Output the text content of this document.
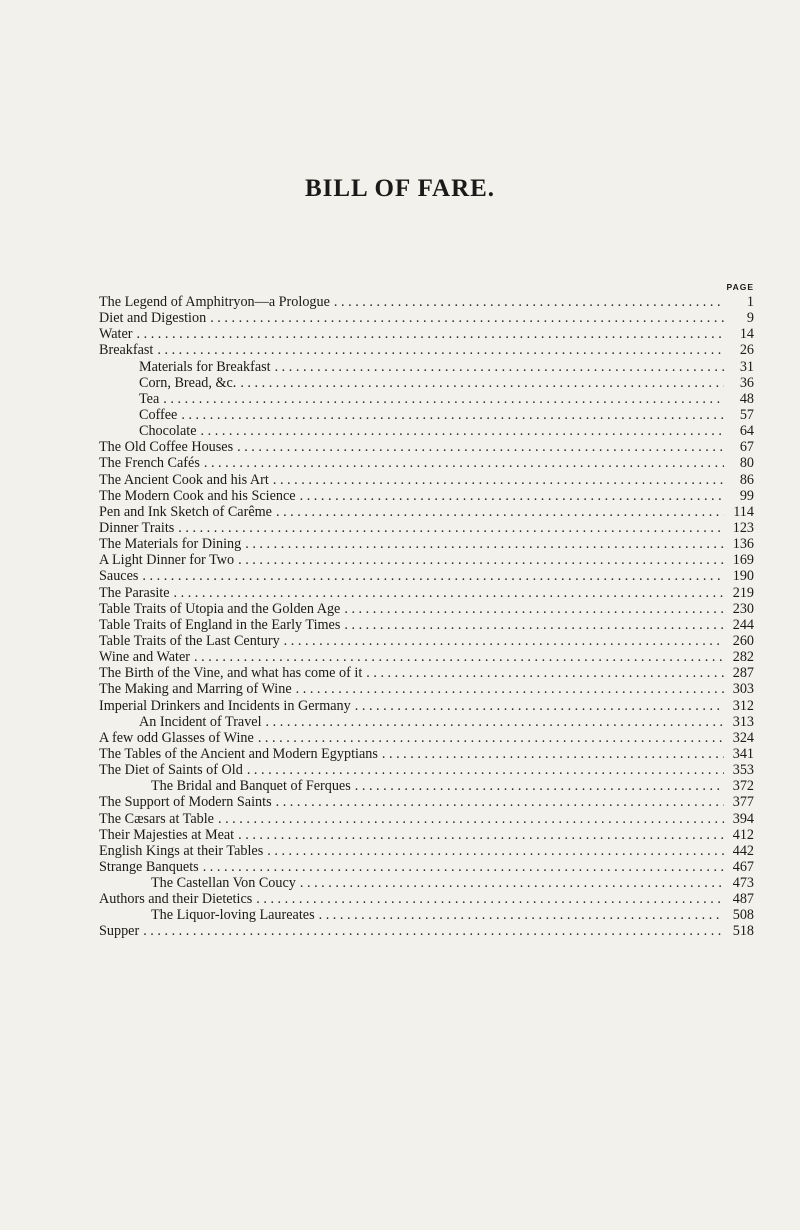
BILL OF FARE.
PAGE
The Legend of Amphitryon—a Prologue . . .	1
Diet and Digestion . . .	9
Water . . .	14
Breakfast . . .	26
Materials for Breakfast . . .	31
Corn, Bread, &c. . . .	36
Tea . . .	48
Coffee . . .	57
Chocolate . . .	64
The Old Coffee Houses . . .	67
The French Cafés . . .	80
The Ancient Cook and his Art . . .	86
The Modern Cook and his Science . . .	99
Pen and Ink Sketch of Carême . . .	114
Dinner Traits . . .	123
The Materials for Dining . . .	136
A Light Dinner for Two . . .	169
Sauces . . .	190
The Parasite . . .	219
Table Traits of Utopia and the Golden Age . . .	230
Table Traits of England in the Early Times . . .	244
Table Traits of the Last Century . . .	260
Wine and Water . . .	282
The Birth of the Vine, and what has come of it . . .	287
The Making and Marring of Wine . . .	303
Imperial Drinkers and Incidents in Germany . . .	312
An Incident of Travel . . .	313
A few odd Glasses of Wine . . .	324
The Tables of the Ancient and Modern Egyptians . . .	341
The Diet of Saints of Old . . .	353
The Bridal and Banquet of Ferques . . .	372
The Support of Modern Saints . . .	377
The Cæsars at Table . . .	394
Their Majesties at Meat . . .	412
English Kings at their Tables . . .	442
Strange Banquets . . .	467
The Castellan Von Coucy . . .	473
Authors and their Dietetics . . .	487
The Liquor-loving Laureates . . .	508
Supper . . .	518
